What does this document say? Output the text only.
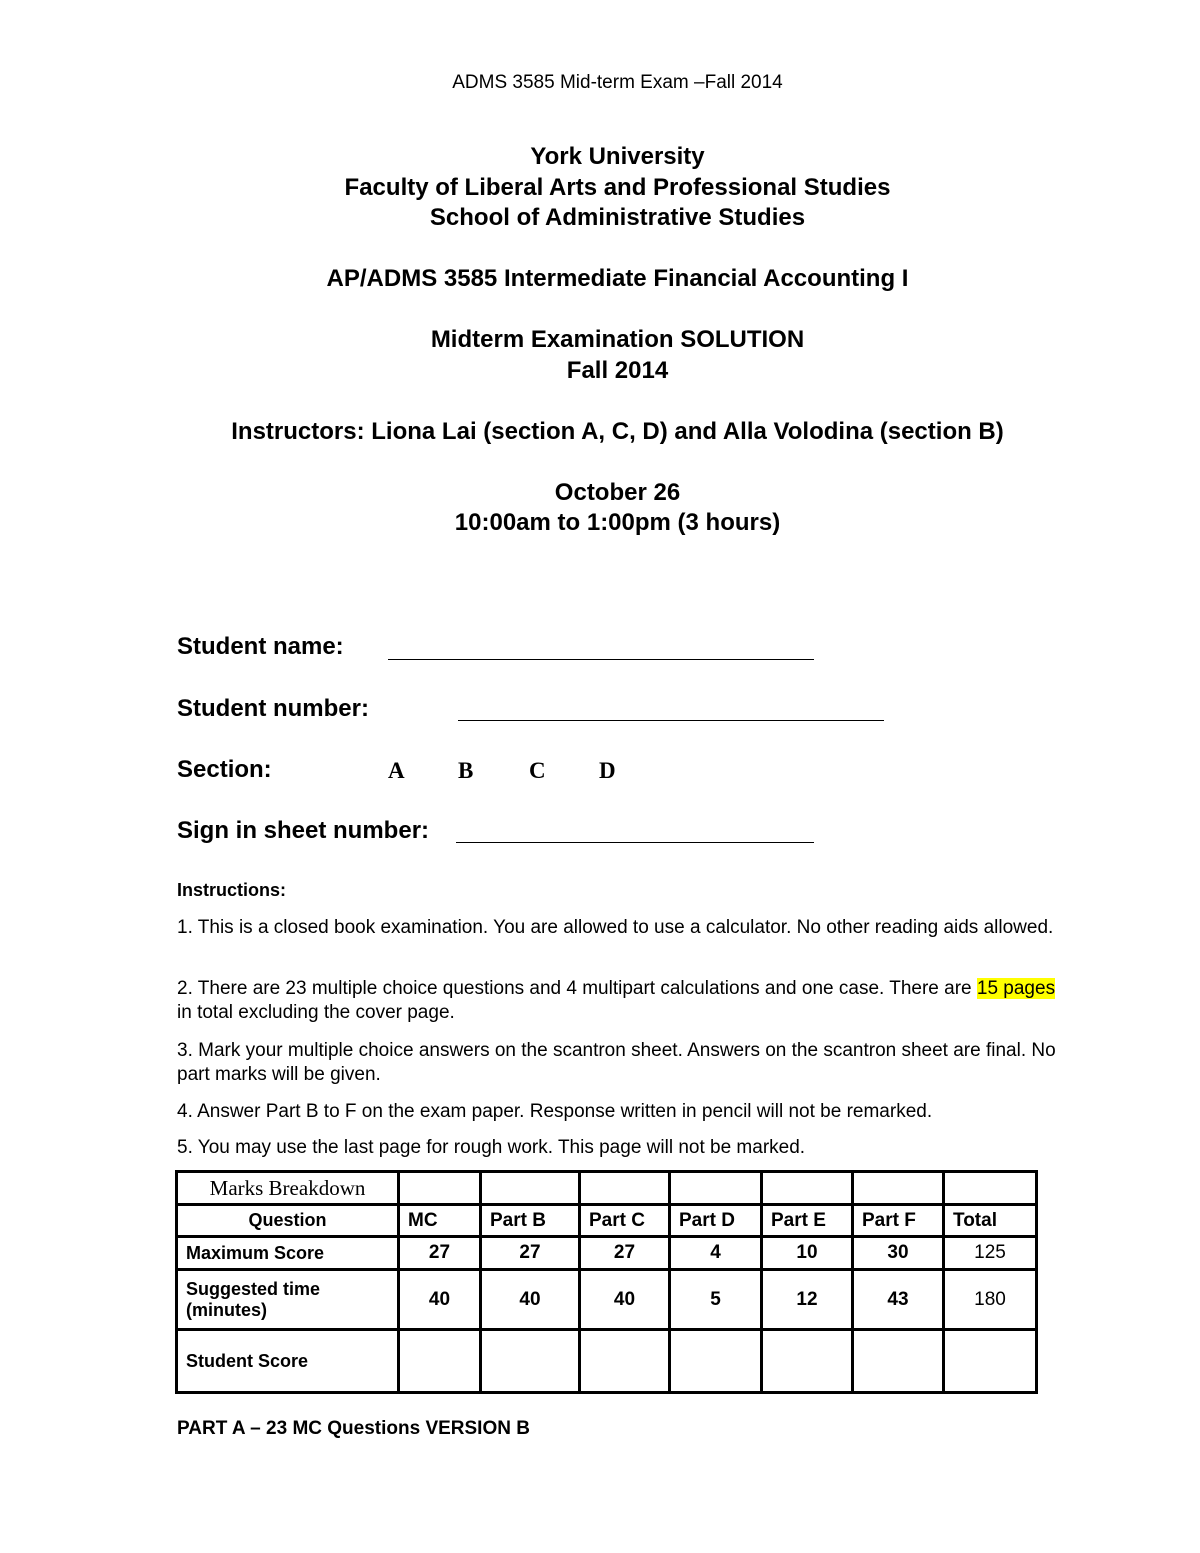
ADMS 3585 Mid-term Exam –Fall 2014
York University
Faculty of Liberal Arts and Professional Studies
School of Administrative Studies
AP/ADMS 3585 Intermediate Financial Accounting I
Midterm Examination SOLUTION
Fall 2014
Instructors: Liona Lai (section A, C, D) and Alla Volodina (section B)
October 26
10:00am to 1:00pm (3 hours)
Student name:
Student number:
Section:	A B C D
Sign in sheet number:
Instructions:
1. This is a closed book examination. You are allowed to use a calculator. No other reading aids allowed.
2. There are 23 multiple choice questions and 4 multipart calculations and one case. There are 15 pages in total excluding the cover page.
3. Mark your multiple choice answers on the scantron sheet. Answers on the scantron sheet are final. No part marks will be given.
4. Answer Part B to F on the exam paper. Response written in pencil will not be remarked.
5. You may use the last page for rough work. This page will not be marked.
Marks Breakdown							
Question	MC	Part B	Part C	Part D	Part E	Part F	Total
Maximum Score	27	27	27	4	10	30	125
Suggested time (minutes)	40	40	40	5	12	43	180
Student Score							
PART A – 23 MC Questions VERSION B
